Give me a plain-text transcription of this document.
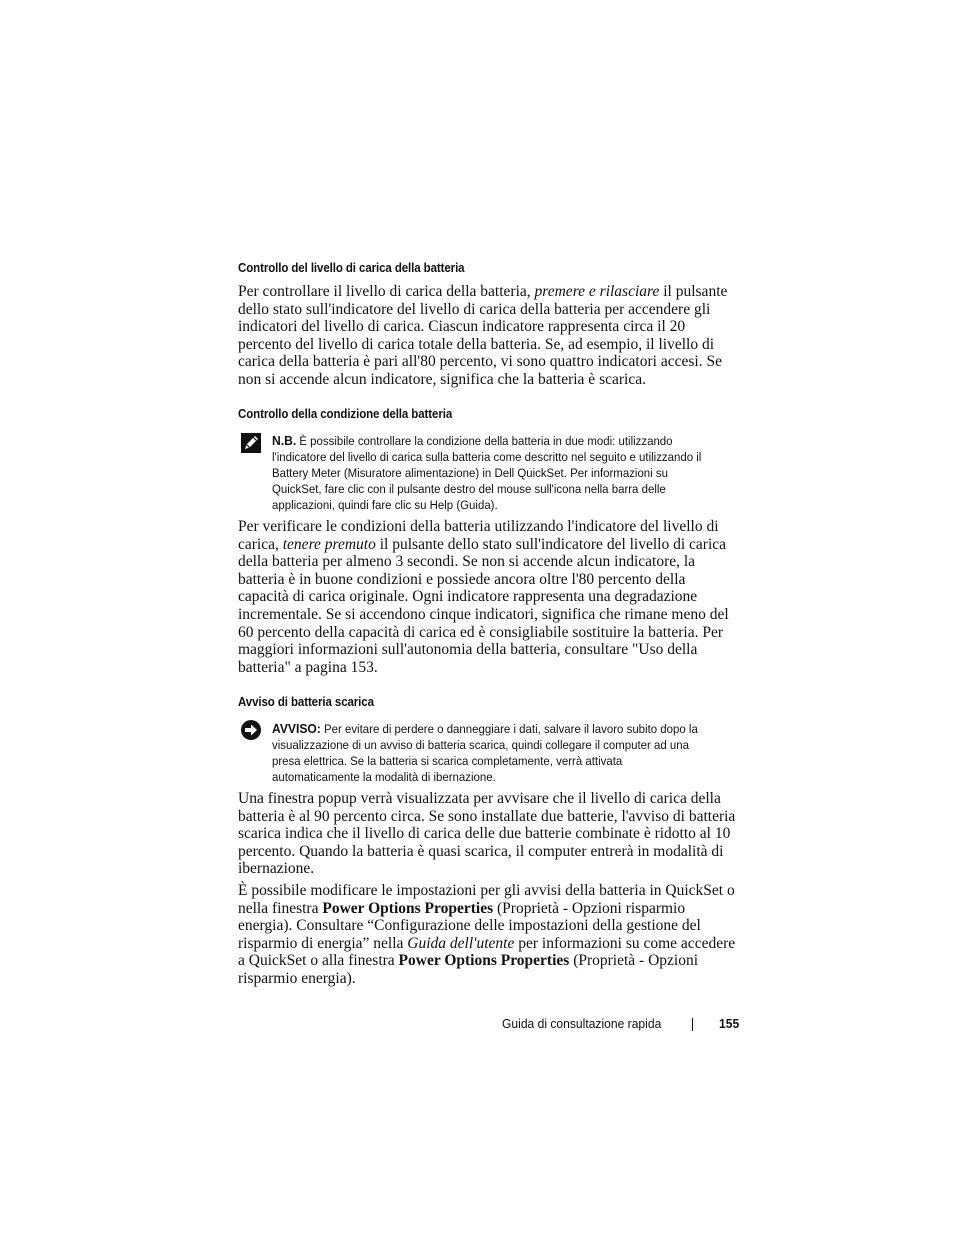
Controllo del livello di carica della batteria

Per controllare il livello di carica della batteria, premere e rilasciare il pulsante dello stato sull'indicatore del livello di carica della batteria per accendere gli indicatori del livello di carica. Ciascun indicatore rappresenta circa il 20 percento del livello di carica totale della batteria. Se, ad esempio, il livello di carica della batteria è pari all'80 percento, vi sono quattro indicatori accesi. Se non si accende alcun indicatore, significa che la batteria è scarica.

Controllo della condizione della batteria

N.B. È possibile controllare la condizione della batteria in due modi: utilizzando l'indicatore del livello di carica sulla batteria come descritto nel seguito e utilizzando il Battery Meter (Misuratore alimentazione) in Dell QuickSet. Per informazioni su QuickSet, fare clic con il pulsante destro del mouse sull'icona nella barra delle applicazioni, quindi fare clic su Help (Guida).

Per verificare le condizioni della batteria utilizzando l'indicatore del livello di carica, tenere premuto il pulsante dello stato sull'indicatore del livello di carica della batteria per almeno 3 secondi. Se non si accende alcun indicatore, la batteria è in buone condizioni e possiede ancora oltre l'80 percento della capacità di carica originale. Ogni indicatore rappresenta una degradazione incrementale. Se si accendono cinque indicatori, significa che rimane meno del 60 percento della capacità di carica ed è consigliabile sostituire la batteria. Per maggiori informazioni sull'autonomia della batteria, consultare "Uso della batteria" a pagina 153.

Avviso di batteria scarica

AVVISO: Per evitare di perdere o danneggiare i dati, salvare il lavoro subito dopo la visualizzazione di un avviso di batteria scarica, quindi collegare il computer ad una presa elettrica. Se la batteria si scarica completamente, verrà attivata automaticamente la modalità di ibernazione.

Una finestra popup verrà visualizzata per avvisare che il livello di carica della batteria è al 90 percento circa. Se sono installate due batterie, l'avviso di batteria scarica indica che il livello di carica delle due batterie combinate è ridotto al 10 percento. Quando la batteria è quasi scarica, il computer entrerà in modalità di ibernazione.

È possibile modificare le impostazioni per gli avvisi della batteria in QuickSet o nella finestra Power Options Properties (Proprietà - Opzioni risparmio energia). Consultare “Configurazione delle impostazioni della gestione del risparmio di energia” nella Guida dell'utente per informazioni su come accedere a QuickSet o alla finestra Power Options Properties (Proprietà - Opzioni risparmio energia).

Guida di consultazione rapida	155
